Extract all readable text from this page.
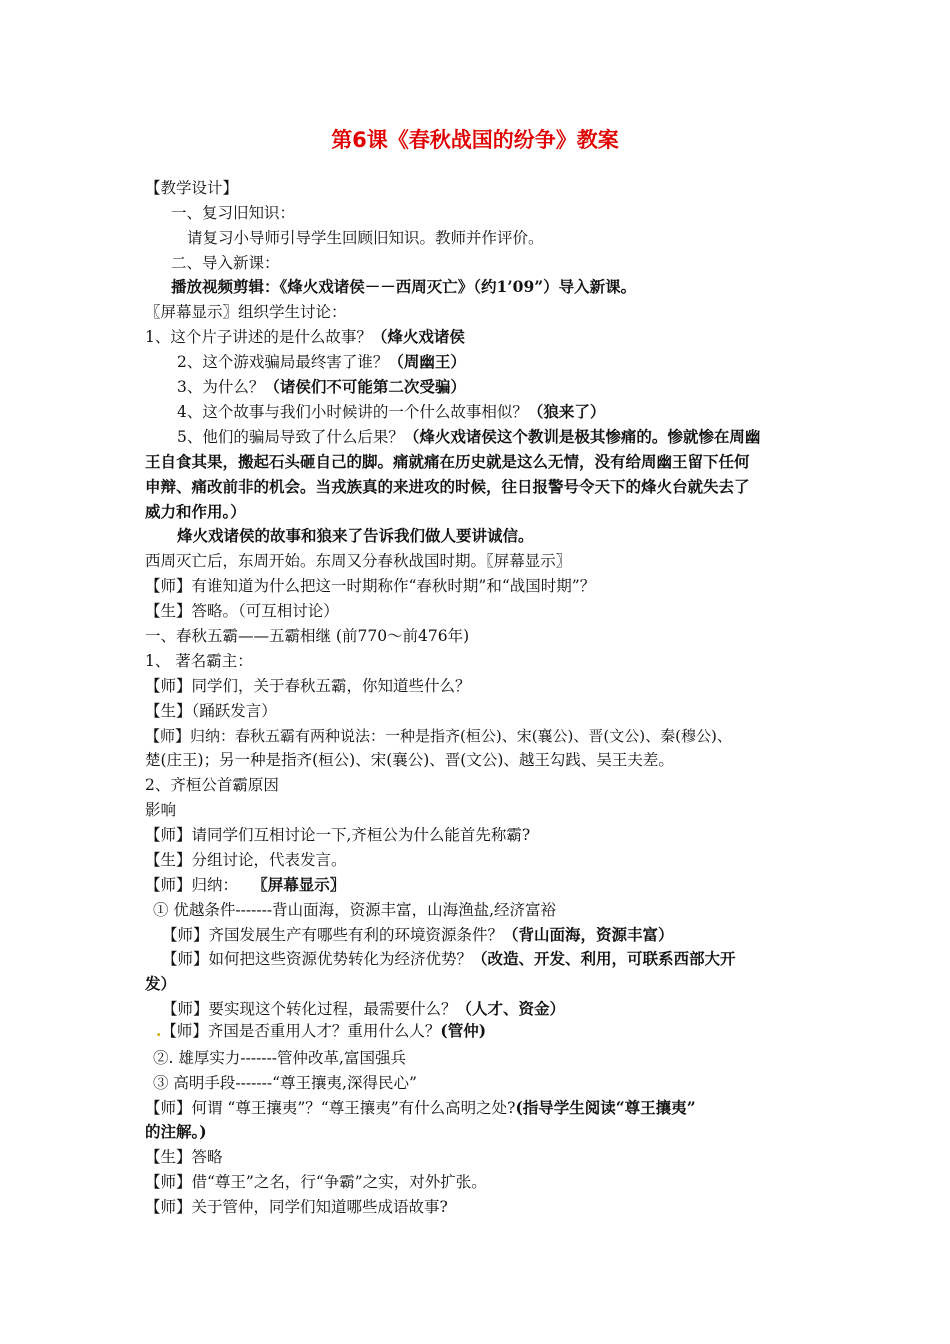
第6课《春秋战国的纷争》教案
【教学设计】
一、复习旧知识：
请复习小导师引导学生回顾旧知识。教师并作评价。
二、导入新课：
播放视频剪辑：《烽火戏诸侯－－西周灭亡》（约1’09”）导入新课。
〖屏幕显示〗组织学生讨论：
1、这个片子讲述的是什么故事？（烽火戏诸侯
2、这个游戏骗局最终害了谁？（周幽王）
3、为什么？（诸侯们不可能第二次受骗）
4、这个故事与我们小时候讲的一个什么故事相似？（狼来了）
5、他们的骗局导致了什么后果？（烽火戏诸侯这个教训是极其惨痛的。惨就惨在周幽
王自食其果，搬起石头砸自己的脚。痛就痛在历史就是这么无情，没有给周幽王留下任何
申辩、痛改前非的机会。当戎族真的来进攻的时候，往日报警号令天下的烽火台就失去了
威力和作用。）
烽火戏诸侯的故事和狼来了告诉我们做人要讲诚信。
西周灭亡后，东周开始。东周又分春秋战国时期。〖屏幕显示〗
【师】有谁知道为什么把这一时期称作“春秋时期”和“战国时期”？
【生】答略。（可互相讨论）
一、春秋五霸——五霸相继 (前770～前476年)
1、 著名霸主：
【师】同学们，关于春秋五霸，你知道些什么？
【生】（踊跃发言）
【师】归纳：春秋五霸有两种说法：一种是指齐(桓公)、宋(襄公)、晋(文公)、秦(穆公)、
楚(庄王)；另一种是指齐(桓公)、宋(襄公)、晋(文公)、越王勾践、吴王夫差。
2、齐桓公首霸原因
影响
【师】请同学们互相讨论一下,齐桓公为什么能首先称霸?
【生】分组讨论，代表发言。
【师】归纳： 〖屏幕显示〗
① 优越条件-------背山面海，资源丰富，山海渔盐,经济富裕
【师】齐国发展生产有哪些有利的环境资源条件？（背山面海，资源丰富）
【师】如何把这些资源优势转化为经济优势？（改造、开发、利用，可联系西部大开
发）
【师】要实现这个转化过程，最需要什么？（人才、资金）
.【师】齐国是否重用人才？重用什么人？(管仲)
②. 雄厚实力-------管仲改革,富国强兵
③ 高明手段-------“尊王攘夷,深得民心”
【师】何谓 “尊王攘夷”？“尊王攘夷”有什么高明之处?(指导学生阅读“尊王攘夷”
的注解。)
【生】答略
【师】借“尊王”之名，行“争霸”之实，对外扩张。
【师】关于管仲，同学们知道哪些成语故事?
